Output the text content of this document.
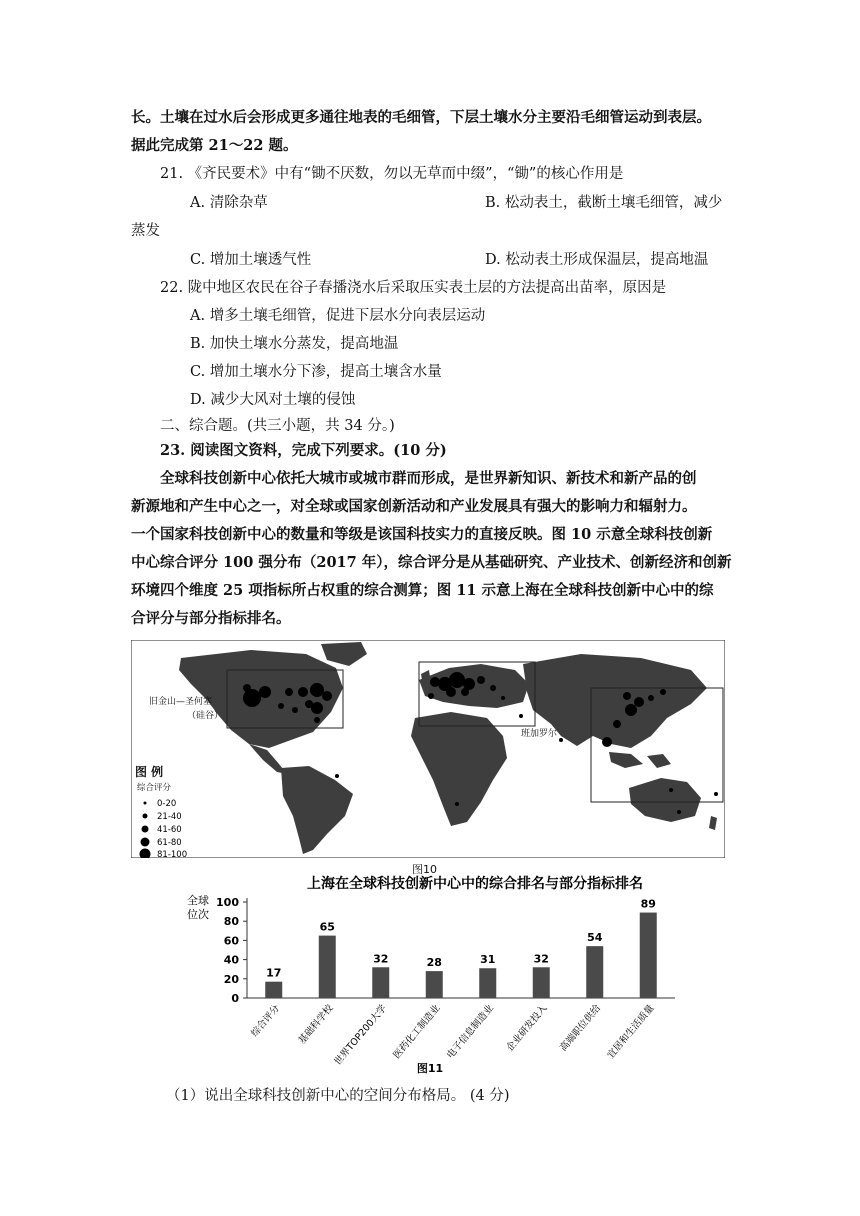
长。土壤在过水后会形成更多通往地表的毛细管，下层土壤水分主要沿毛细管运动到表层。
据此完成第 21～22 题。
21. 《齐民要术》中有“锄不厌数，勿以无草而中缀”，“锄”的核心作用是
A. 清除杂草	B. 松动表土，截断土壤毛细管，减少
蒸发
C. 增加土壤透气性	D. 松动表土形成保温层，提高地温
22. 陇中地区农民在谷子春播浇水后采取压实表土层的方法提高出苗率，原因是
A. 增多土壤毛细管，促进下层水分向表层运动
B. 加快土壤水分蒸发，提高地温
C. 增加土壤水分下渗，提高土壤含水量
D. 减少大风对土壤的侵蚀
二、综合题。(共三小题，共 34 分。)
23. 阅读图文资料，完成下列要求。(10 分)
全球科技创新中心依托大城市或城市群而形成，是世界新知识、新技术和新产品的创
新源地和产生中心之一，对全球或国家创新活动和产业发展具有强大的影响力和辐射力。
一个国家科技创新中心的数量和等级是该国科技实力的直接反映。图 10 示意全球科技创新
中心综合评分 100 强分布（2017 年），综合评分是从基础研究、产业技术、创新经济和创新
环境四个维度 25 项指标所占权重的综合测算；图 11 示意上海在全球科技创新中心中的综
合评分与部分指标排名。
旧金山—圣何塞
（硅谷）
班加罗尔
图 例
综合评分
0-20
21-40
41-60
61-80
81-100
图10
上海在全球科技创新中心中的综合排名与部分指标排名
全球
位次
0
20
40
60
80
100
17
65
32	28	31	32
54
89
综合评分 基础科学校
世界TOP200大学 医药化工制造业 电子信息制造业 企业研发投入 高端职位供给 宜居和生活质量
图11
（1）说出全球科技创新中心的空间分布格局。 (4 分)
